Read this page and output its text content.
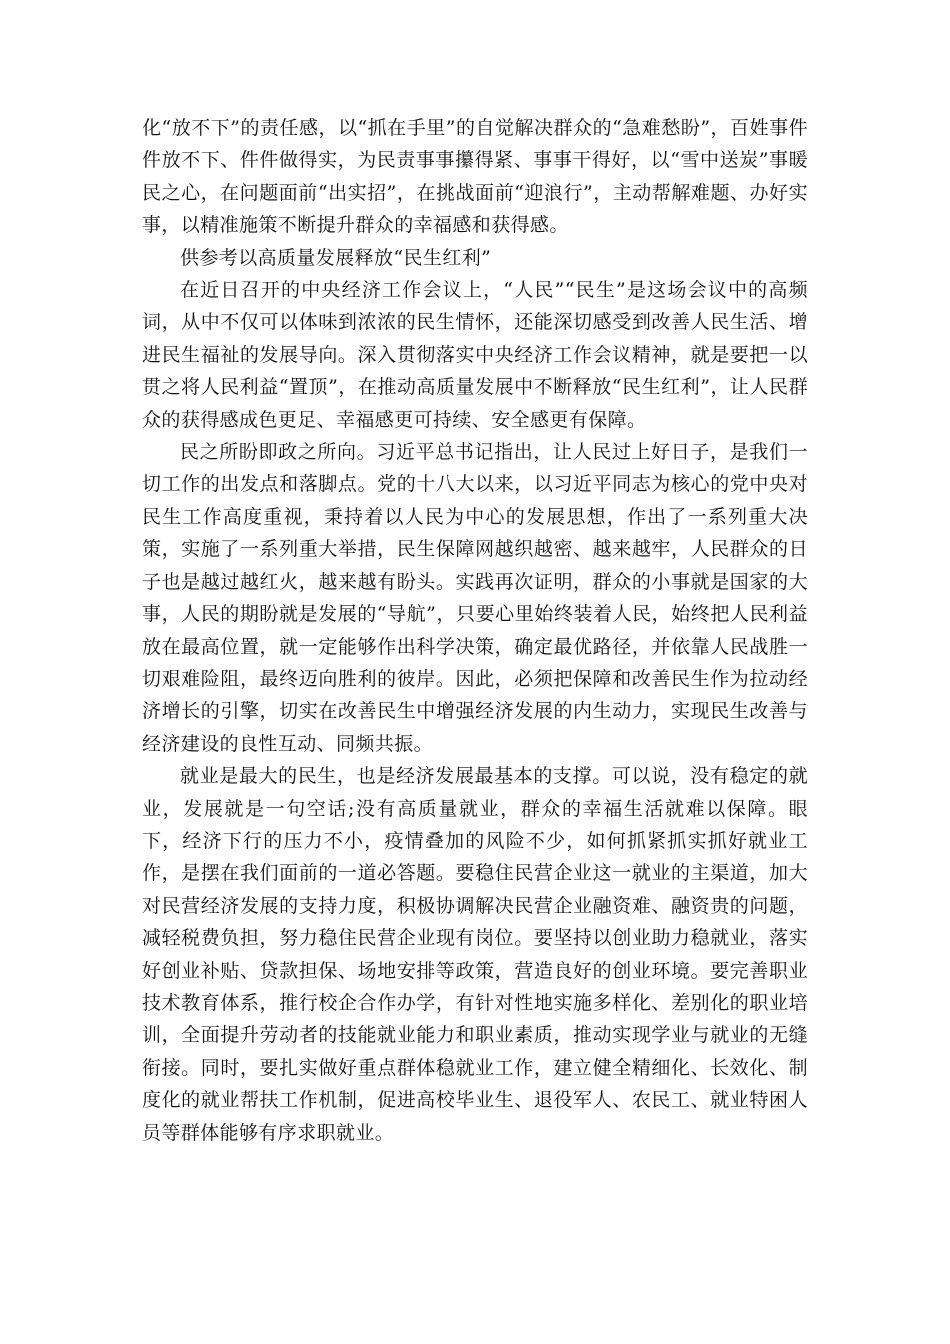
化“放不下”的责任感，以“抓在手里”的自觉解决群众的“急难愁盼”，百姓事件件放不下、件件做得实，为民责事事攥得紧、事事干得好，以“雪中送炭”事暖民之心，在问题面前“出实招”，在挑战面前“迎浪行”，主动帮解难题、办好实事，以精准施策不断提升群众的幸福感和获得感。

供参考以高质量发展释放“民生红利”

在近日召开的中央经济工作会议上，“人民”“民生”是这场会议中的高频词，从中不仅可以体味到浓浓的民生情怀，还能深切感受到改善人民生活、增进民生福祉的发展导向。深入贯彻落实中央经济工作会议精神，就是要把一以贯之将人民利益“置顶”，在推动高质量发展中不断释放“民生红利”，让人民群众的获得感成色更足、幸福感更可持续、安全感更有保障。

民之所盼即政之所向。习近平总书记指出，让人民过上好日子，是我们一切工作的出发点和落脚点。党的十八大以来，以习近平同志为核心的党中央对民生工作高度重视，秉持着以人民为中心的发展思想，作出了一系列重大决策，实施了一系列重大举措，民生保障网越织越密、越来越牢，人民群众的日子也是越过越红火，越来越有盼头。实践再次证明，群众的小事就是国家的大事，人民的期盼就是发展的“导航”，只要心里始终装着人民，始终把人民利益放在最高位置，就一定能够作出科学决策，确定最优路径，并依靠人民战胜一切艰难险阻，最终迈向胜利的彼岸。因此，必须把保障和改善民生作为拉动经济增长的引擎，切实在改善民生中增强经济发展的内生动力，实现民生改善与经济建设的良性互动、同频共振。

就业是最大的民生，也是经济发展最基本的支撑。可以说，没有稳定的就业，发展就是一句空话;没有高质量就业，群众的幸福生活就难以保障。眼下，经济下行的压力不小，疫情叠加的风险不少，如何抓紧抓实抓好就业工作，是摆在我们面前的一道必答题。要稳住民营企业这一就业的主渠道，加大对民营经济发展的支持力度，积极协调解决民营企业融资难、融资贵的问题，减轻税费负担，努力稳住民营企业现有岗位。要坚持以创业助力稳就业，落实好创业补贴、贷款担保、场地安排等政策，营造良好的创业环境。要完善职业技术教育体系，推行校企合作办学，有针对性地实施多样化、差别化的职业培训，全面提升劳动者的技能就业能力和职业素质，推动实现学业与就业的无缝衔接。同时，要扎实做好重点群体稳就业工作，建立健全精细化、长效化、制度化的就业帮扶工作机制，促进高校毕业生、退役军人、农民工、就业特困人员等群体能够有序求职就业。
